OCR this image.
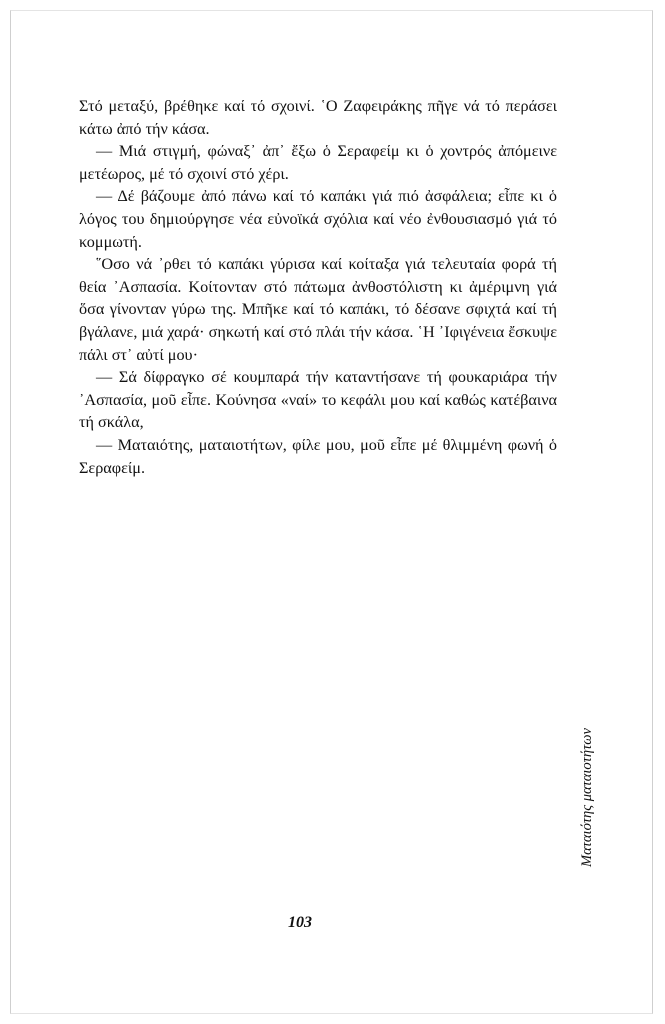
Στό μεταξύ, βρέθηκε καί τό σχοινί. ῾Ο Ζαφειράκης πῆγε νά τό περάσει κάτω ἀπό τήν κάσα.

— Μιά στιγμή, φώναξ᾽ ἀπ᾽ ἔξω ὁ Σεραφείμ κι ὁ χοντρός ἀπόμεινε μετέωρος, μέ τό σχοινί στό χέρι.

— Δέ βάζουμε ἀπό πάνω καί τό καπάκι γιά πιό ἀσφάλεια; εἶπε κι ὁ λόγος του δημιούργησε νέα εὐνοϊκά σχόλια καί νέο ἐνθουσιασμό γιά τό κομμωτή.

῞Οσο νά ᾽ρθει τό καπάκι γύρισα καί κοίταξα γιά τελευταία φορά τή θεία ᾽Ασπασία. Κοίτονταν στό πάτωμα ἀνθοστόλιστη κι ἀμέριμνη γιά ὅσα γίνονταν γύρω της. Μπῆκε καί τό καπάκι, τό δέσανε σφιχτά καί τή βγάλανε, μιά χαρά· σηκωτή καί στό πλάι τήν κάσα. ῾Η ᾽Ιφιγένεια ἔσκυψε πάλι στ᾽ αὐτί μου·

— Σά δίφραγκο σέ κουμπαρά τήν καταντήσανε τή φουκαριάρα τήν ᾽Ασπασία, μοῦ εἶπε. Κούνησα «ναί» το κεφάλι μου καί καθώς κατέβαινα τή σκάλα,

— Ματαιότης, ματαιοτήτων, φίλε μου, μοῦ εἶπε μέ θλιμμένη φωνή ὁ Σεραφείμ.

Ματαιότης ματαιοτήτων
103
